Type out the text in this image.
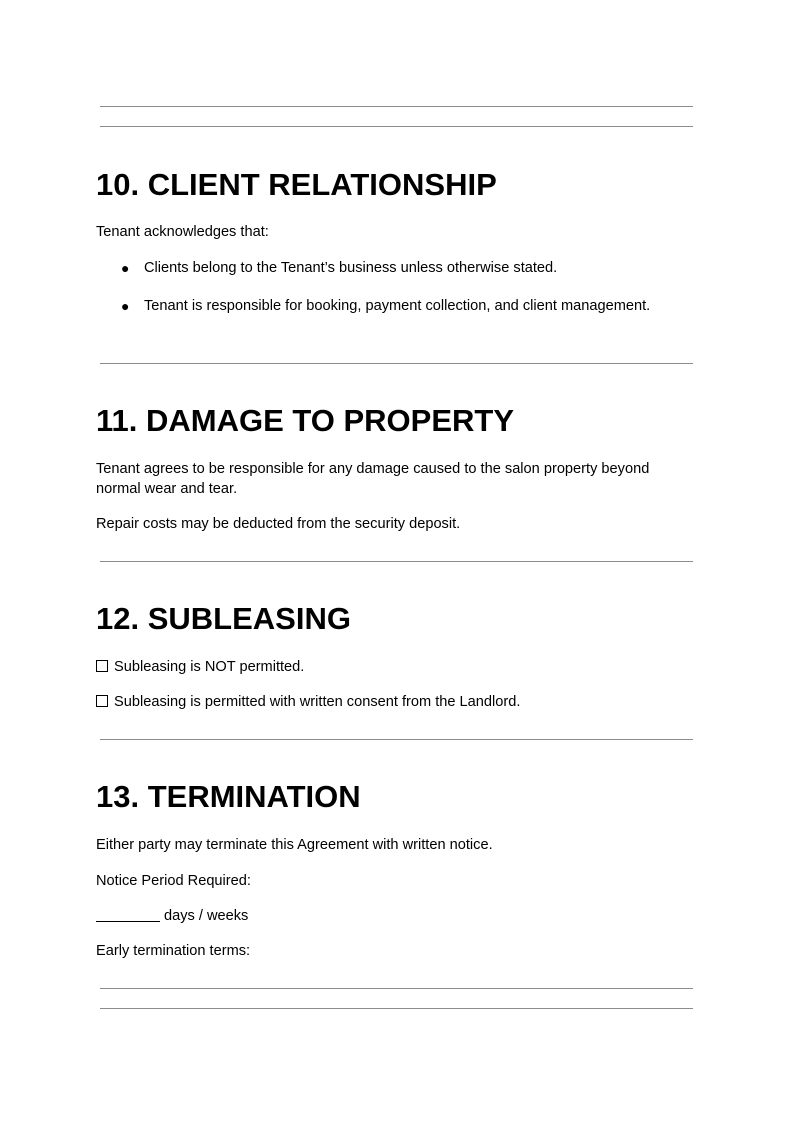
10. CLIENT RELATIONSHIP

Tenant acknowledges that:

● Clients belong to the Tenant’s business unless otherwise stated.
● Tenant is responsible for booking, payment collection, and client management.
11. DAMAGE TO PROPERTY

Tenant agrees to be responsible for any damage caused to the salon property beyond normal wear and tear.

Repair costs may be deducted from the security deposit.

12. SUBLEASING
Subleasing is NOT permitted.
Subleasing is permitted with written consent from the Landlord.
13. TERMINATION

Either party may terminate this Agreement with written notice.

Notice Period Required:

days / weeks

Early termination terms:
